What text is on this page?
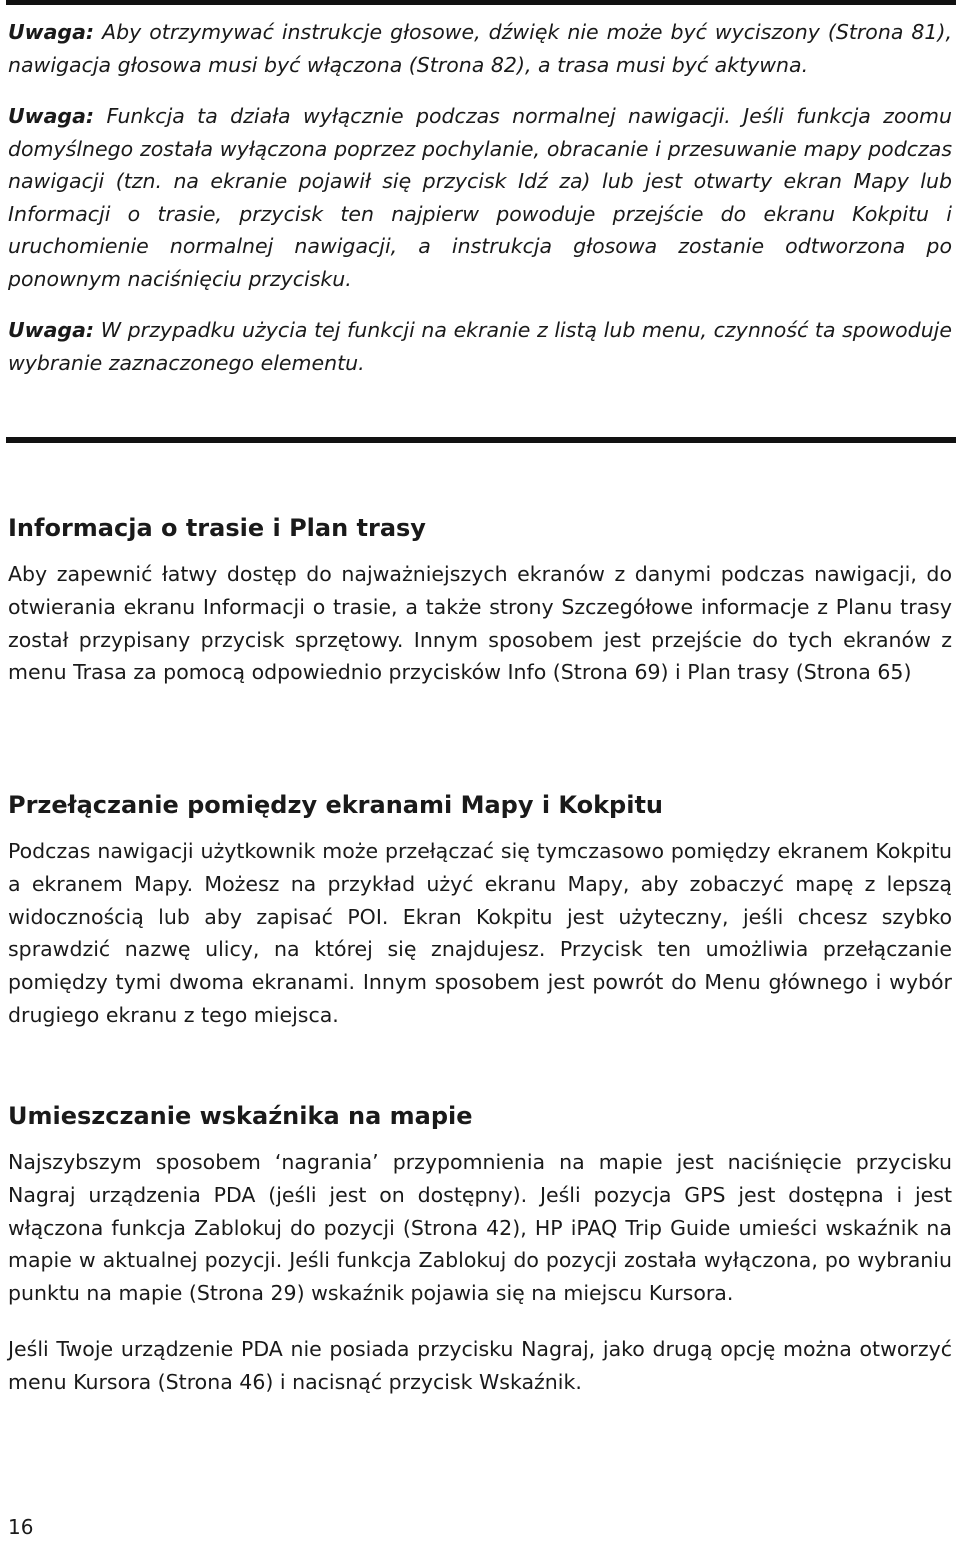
Uwaga: Aby otrzymywać instrukcje głosowe, dźwięk nie może być wyciszony (Strona 81), nawigacja głosowa musi być włączona (Strona 82), a trasa musi być aktywna.

Uwaga: Funkcja ta działa wyłącznie podczas normalnej nawigacji. Jeśli funkcja zoomu domyślnego została wyłączona poprzez pochylanie, obracanie i przesuwanie mapy podczas nawigacji (tzn. na ekranie pojawił się przycisk Idź za) lub jest otwarty ekran Mapy lub Informacji o trasie, przycisk ten najpierw powoduje przejście do ekranu Kokpitu i uruchomienie normalnej nawigacji, a instrukcja głosowa zostanie odtworzona po ponownym naciśnięciu przycisku.

Uwaga: W przypadku użycia tej funkcji na ekranie z listą lub menu, czynność ta spowoduje wybranie zaznaczonego elementu.

Informacja o trasie i Plan trasy

Aby zapewnić łatwy dostęp do najważniejszych ekranów z danymi podczas nawigacji, do otwierania ekranu Informacji o trasie, a także strony Szczegółowe informacje z Planu trasy został przypisany przycisk sprzętowy. Innym sposobem jest przejście do tych ekranów z menu Trasa za pomocą odpowiednio przycisków Info (Strona 69) i Plan trasy (Strona 65)

Przełączanie pomiędzy ekranami Mapy i Kokpitu

Podczas nawigacji użytkownik może przełączać się tymczasowo pomiędzy ekranem Kokpitu a ekranem Mapy. Możesz na przykład użyć ekranu Mapy, aby zobaczyć mapę z lepszą widocznością lub aby zapisać POI. Ekran Kokpitu jest użyteczny, jeśli chcesz szybko sprawdzić nazwę ulicy, na której się znajdujesz. Przycisk ten umożliwia przełączanie pomiędzy tymi dwoma ekranami. Innym sposobem jest powrót do Menu głównego i wybór drugiego ekranu z tego miejsca.

Umieszczanie wskaźnika na mapie

Najszybszym sposobem ‘nagrania’ przypomnienia na mapie jest naciśnięcie przycisku Nagraj urządzenia PDA (jeśli jest on dostępny). Jeśli pozycja GPS jest dostępna i jest włączona funkcja Zablokuj do pozycji (Strona 42), HP iPAQ Trip Guide umieści wskaźnik na mapie w aktualnej pozycji. Jeśli funkcja Zablokuj do pozycji została wyłączona, po wybraniu punktu na mapie (Strona 29) wskaźnik pojawia się na miejscu Kursora.

Jeśli Twoje urządzenie PDA nie posiada przycisku Nagraj, jako drugą opcję można otworzyć menu Kursora (Strona 46) i nacisnąć przycisk Wskaźnik.

16
